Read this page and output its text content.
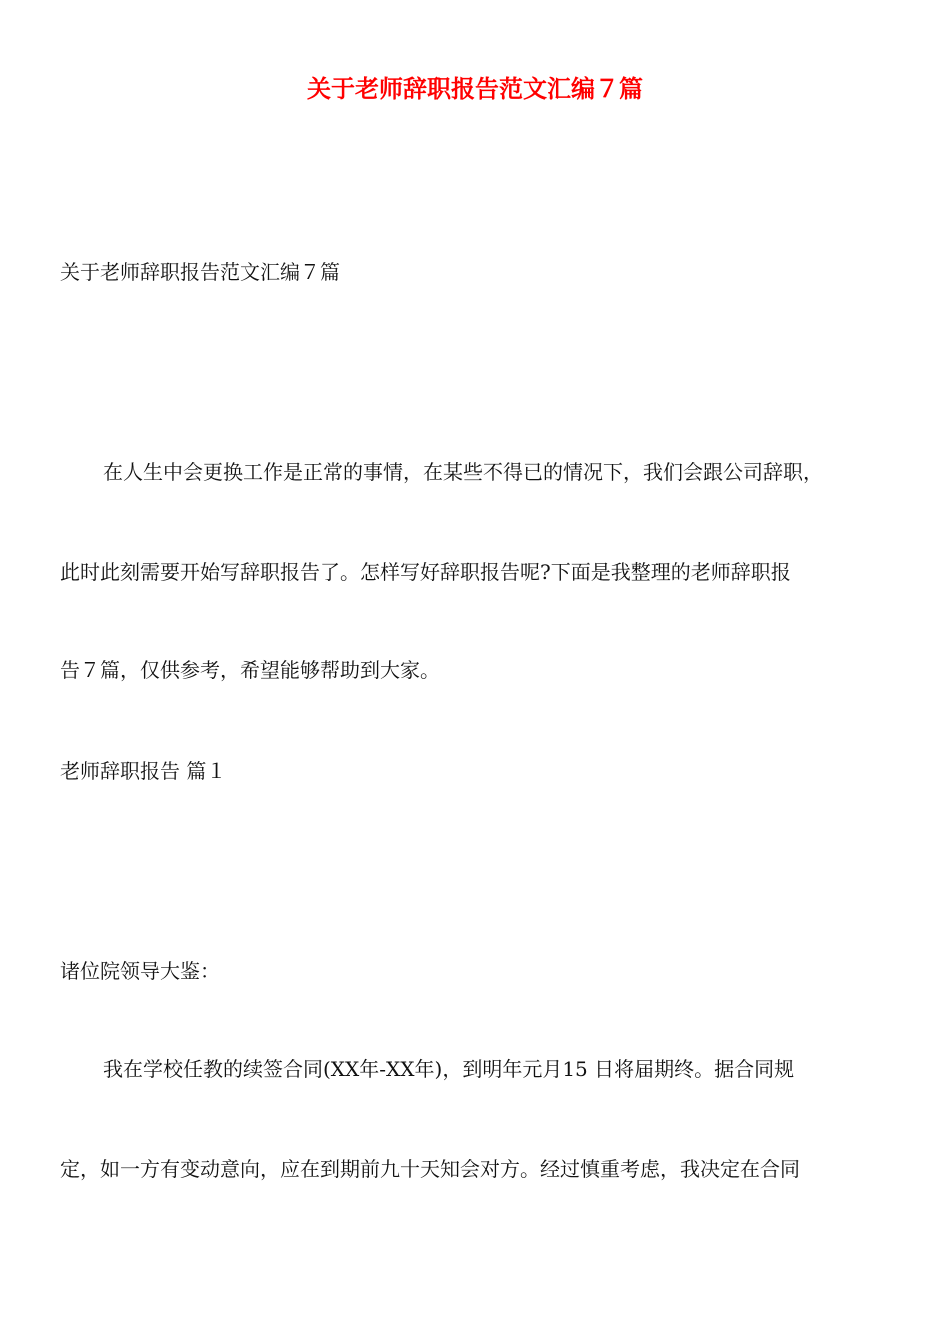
关于老师辞职报告范文汇编７篇
关于老师辞职报告范文汇编７篇
在人生中会更换工作是正常的事情，在某些不得已的情况下，我们会跟公司辞职，
此时此刻需要开始写辞职报告了。怎样写好辞职报告呢?下面是我整理的老师辞职报
告７篇，仅供参考，希望能够帮助到大家。
老师辞职报告 篇１
诸位院领导大鉴：
我在学校任教的续签合同(XX年-XX年)，到明年元月15 日将届期终。据合同规
定，如一方有变动意向，应在到期前九十天知会对方。经过慎重考虑，我决定在合同
